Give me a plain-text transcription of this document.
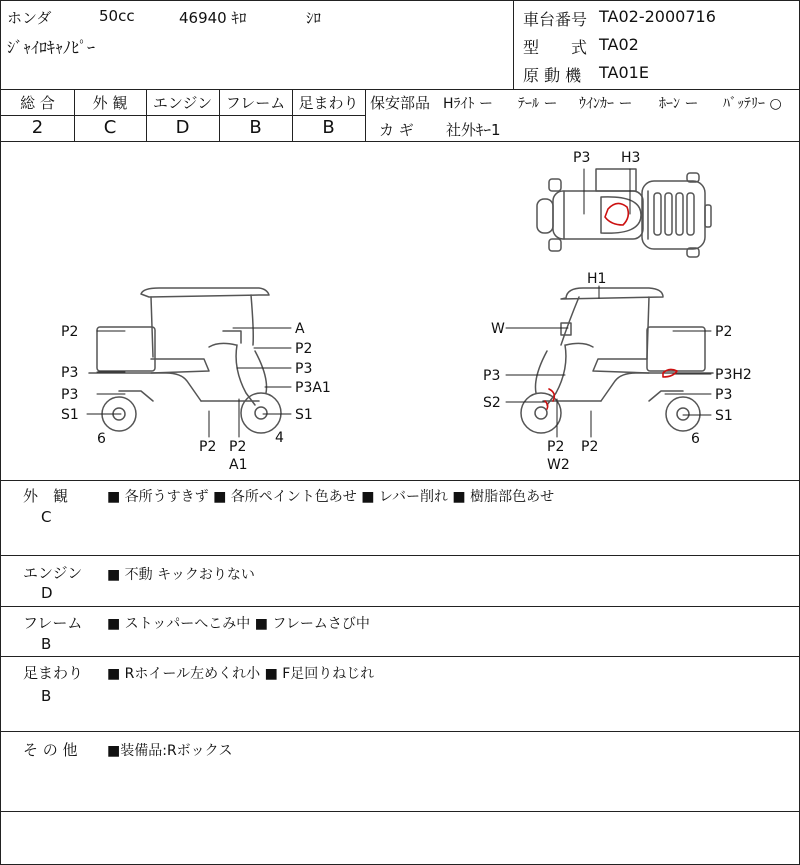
ホンダ	50cc	46940 ｷﾛ	ｼﾛ
ｼﾞｬｲﾛｷｬﾉﾋﾟｰ
車台番号 TA02-2000716
型　　式 TA02
原 動 機 TA01E
総 合	外 観	エンジン フレーム 足まわり
2	C	D	B	B
保安部品 Hﾗｲﾄ ー ﾃｰﾙ ー ｳｲﾝｶｰ ー ﾎｰﾝ ー ﾊﾞｯﾃﾘｰ ○
カ ギ 社外ｷｰ1
P3 H3
P2
P3
P3
S1
6
A
P2
P3
P3A1
S1
4
P2 P2
A1
H1
W	P2
P3	P3H2
S2	P3
S1
6
P2 P2
W2
外　観
C
■ 各所うすきず ■ 各所ペイント色あせ ■ レバー削れ ■ 樹脂部色あせ
エンジン
D
■ 不動 キックおりない
フレーム
B
■ ストッパーへこみ中 ■ フレームさび中
足まわり
B
■ Rホイール左めくれ小 ■ F足回りねじれ
そ の 他 ■装備品:Rボックス
